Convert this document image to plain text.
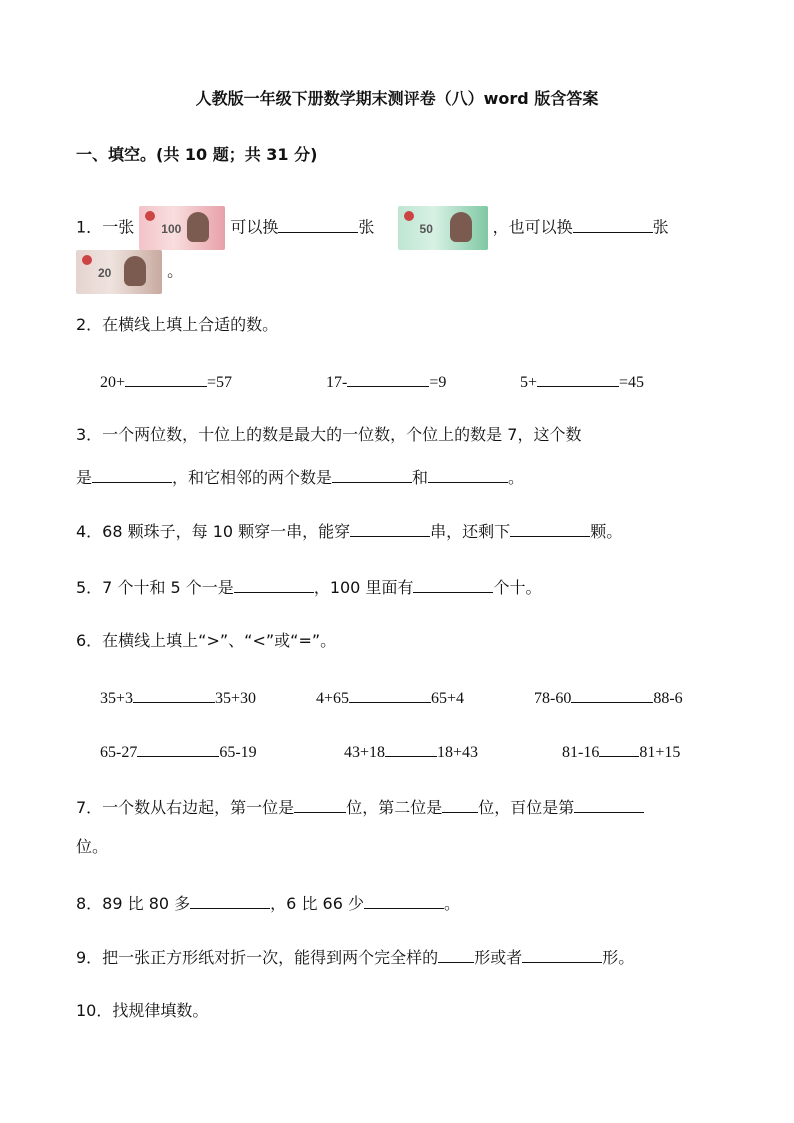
人教版一年级下册数学期末测评卷（八）word 版含答案
一、填空。(共 10 题；共 31 分)
1．一张 100	可以换	张	50	，也可以换	张
20	。
2．在横线上填上合适的数。
20+	=57	17-	=9	5+	=45
3．一个两位数，十位上的数是最大的一位数，个位上的数是 7，这个数
是	，和它相邻的两个数是	和	。
4．68 颗珠子，每 10 颗穿一串，能穿	串，还剩下	颗。
5．7 个十和 5 个一是	，100 里面有	个十。
6．在横线上填上“>”、“<”或“=”。
35+3	35+30	4+65	65+4	78-60	88-6
65-27	65-19	43+18	18+43	81-16	81+15
7．一个数从右边起，第一位是	位，第二位是 位，百位是第
位。
8．89 比 80 多	，6 比 66 少	。
9．把一张正方形纸对折一次，能得到两个完全样的 形或者	形。
10．找规律填数。
